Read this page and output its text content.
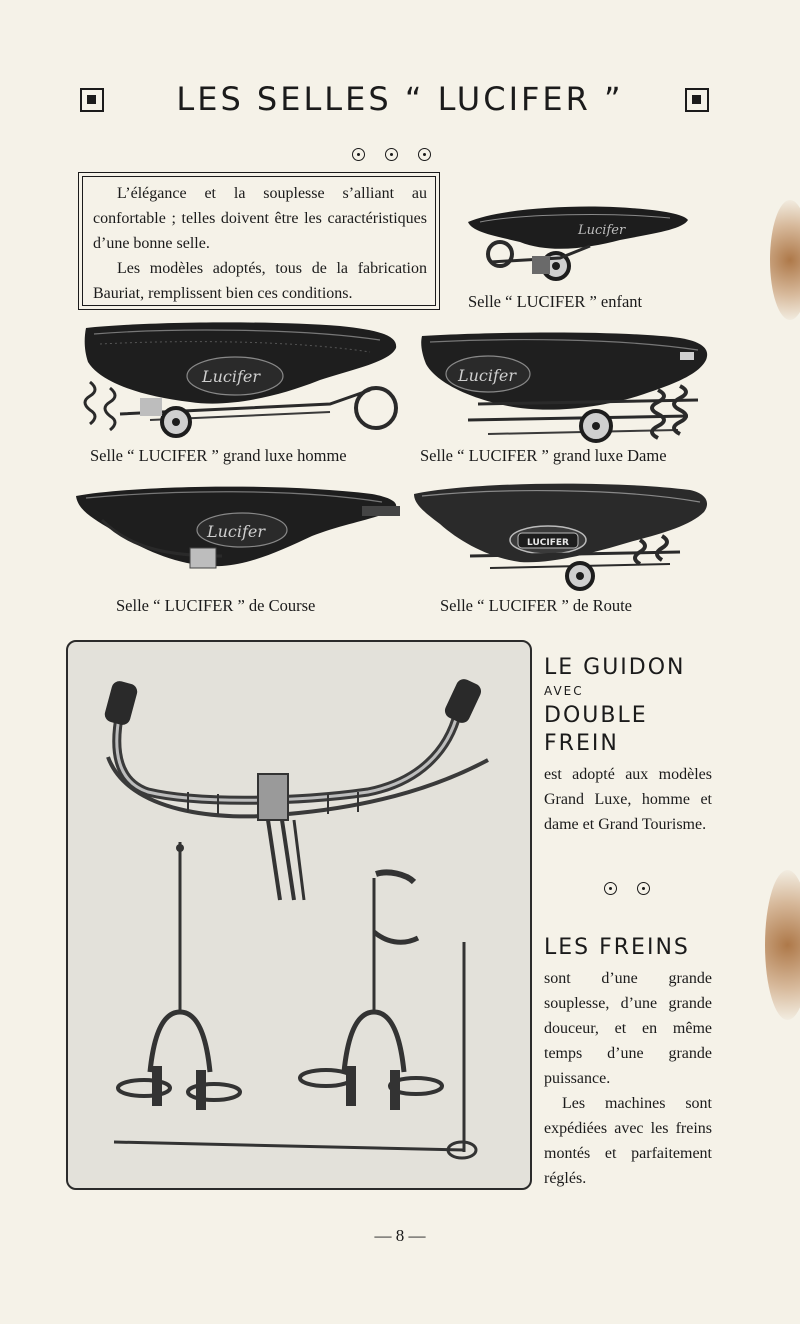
LES SELLES “ LUCIFER ”

L’élégance et la souplesse s’alliant au confortable ; telles doivent être les caractéristiques d’une bonne selle.

Les modèles adoptés, tous de la fabrication Bauriat, remplissent bien ces conditions.

Lucifer
Selle “ LUCIFER ” enfant
Lucifer
Selle “ LUCIFER ” grand luxe homme
Lucifer
Selle “ LUCIFER ” grand luxe Dame
Lucifer
Selle “ LUCIFER ” de Course
LUCIFER
Selle “ LUCIFER ” de Route
LE GUIDON
AVEC
DOUBLE
FREIN
est adopté aux modèles Grand Luxe, homme et dame et Grand Tourisme.
LES FREINS

sont d’une grande souplesse, d’une grande douceur, et en même temps d’une grande puissance.

Les machines sont expédiées avec les freins montés et parfaitement réglés.

— 8 —
